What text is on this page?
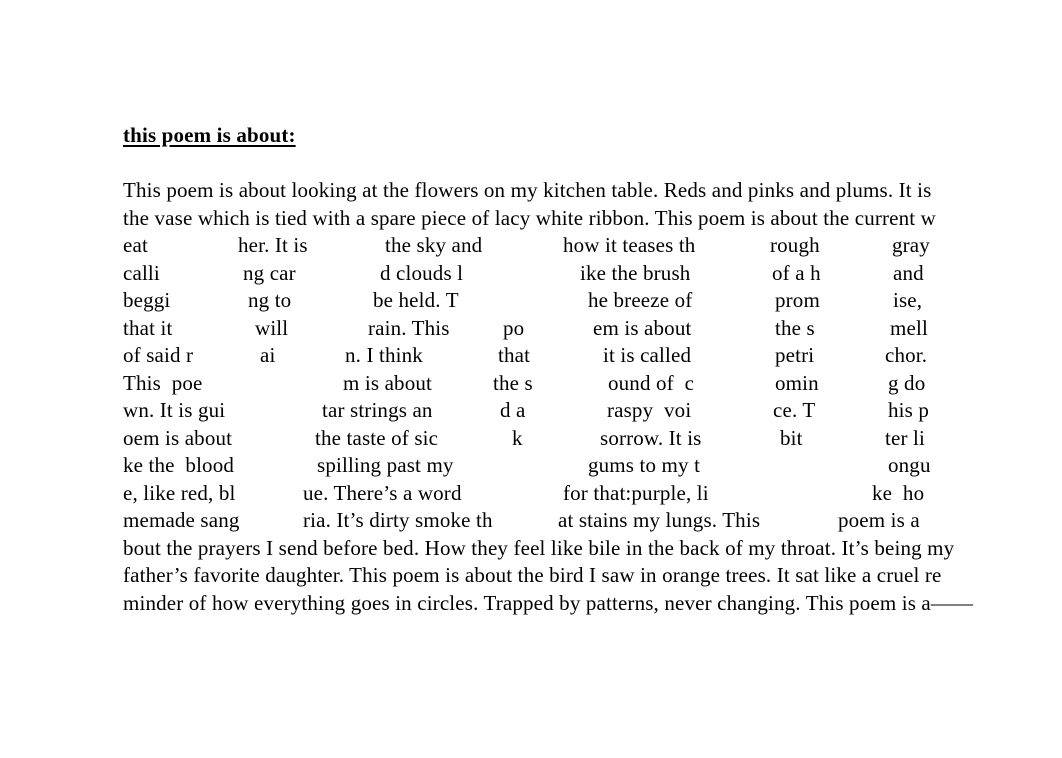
this poem is about:
This poem is about looking at the flowers on my kitchen table. Reds and pinks and plums. It is
the vase which is tied with a spare piece of lacy white ribbon. This poem is about the current w
eat	her. It is	the sky and	how it teases th	rough	gray
calli	ng car	d clouds l	ike the brush	of a h	and
beggi	ng to	be held. T	he breeze of	prom	ise,
that it	will	rain. This	po	em is about	the s	mell
of said r	ai	n. I think	that	it is called	petri	chor.
This  poe	m is about	the s	ound of  c	omin	g do
wn. It is gui	tar strings an	d a	raspy  voi	ce. T	his p
oem is about	the taste of sic	k	sorrow. It is	bit	ter li
ke the  blood	spilling past my	gums to my t	ongu
e, like red, bl	ue. There’s a word	for that:purple, li	ke  ho
memade sang	ria. It’s dirty smoke th	at stains my lungs. This	poem is a
bout the prayers I send before bed. How they feel like bile in the back of my throat. It’s being my
father’s favorite daughter. This poem is about the bird I saw in orange trees. It sat like a cruel re
minder of how everything goes in circles. Trapped by patterns, never changing. This poem is a——
